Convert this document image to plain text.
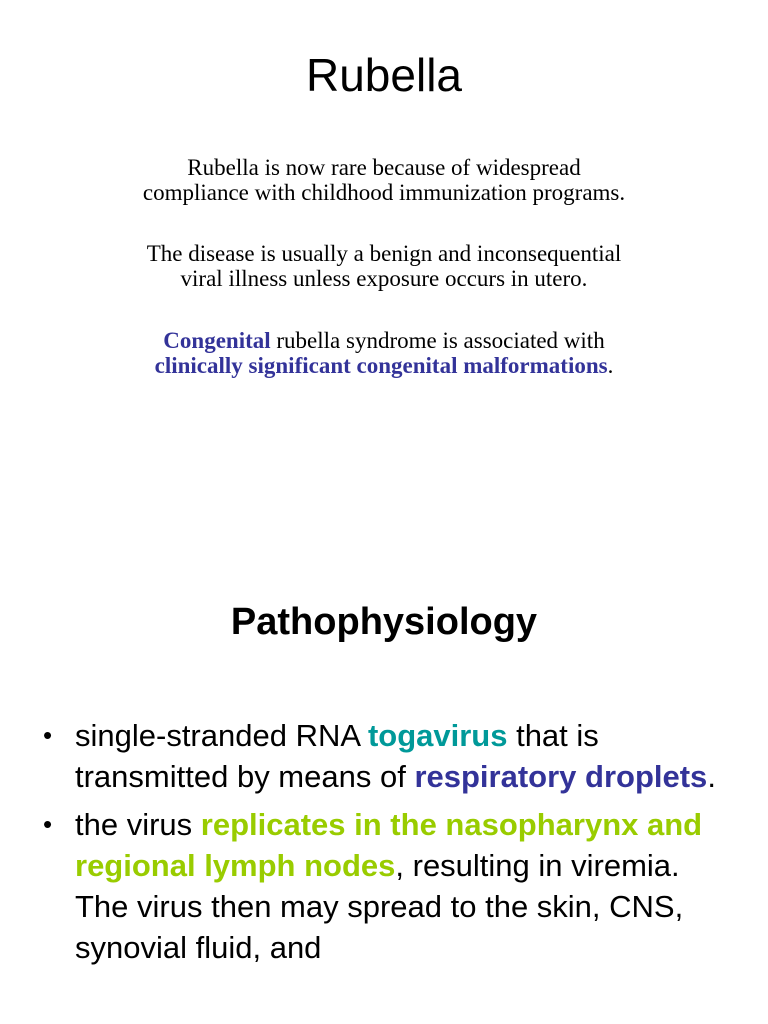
Rubella

Rubella is now rare because of widespread
compliance with childhood immunization programs.

The disease is usually a benign and inconsequential
viral illness unless exposure occurs in utero.

Congenital rubella syndrome is associated with
clinically significant congenital malformations.

Pathophysiology
• single-stranded RNA togavirus that is transmitted by means of respiratory droplets.
• the virus replicates in the nasopharynx and regional lymph nodes, resulting in viremia. The virus then may spread to the skin, CNS, synovial fluid, and
